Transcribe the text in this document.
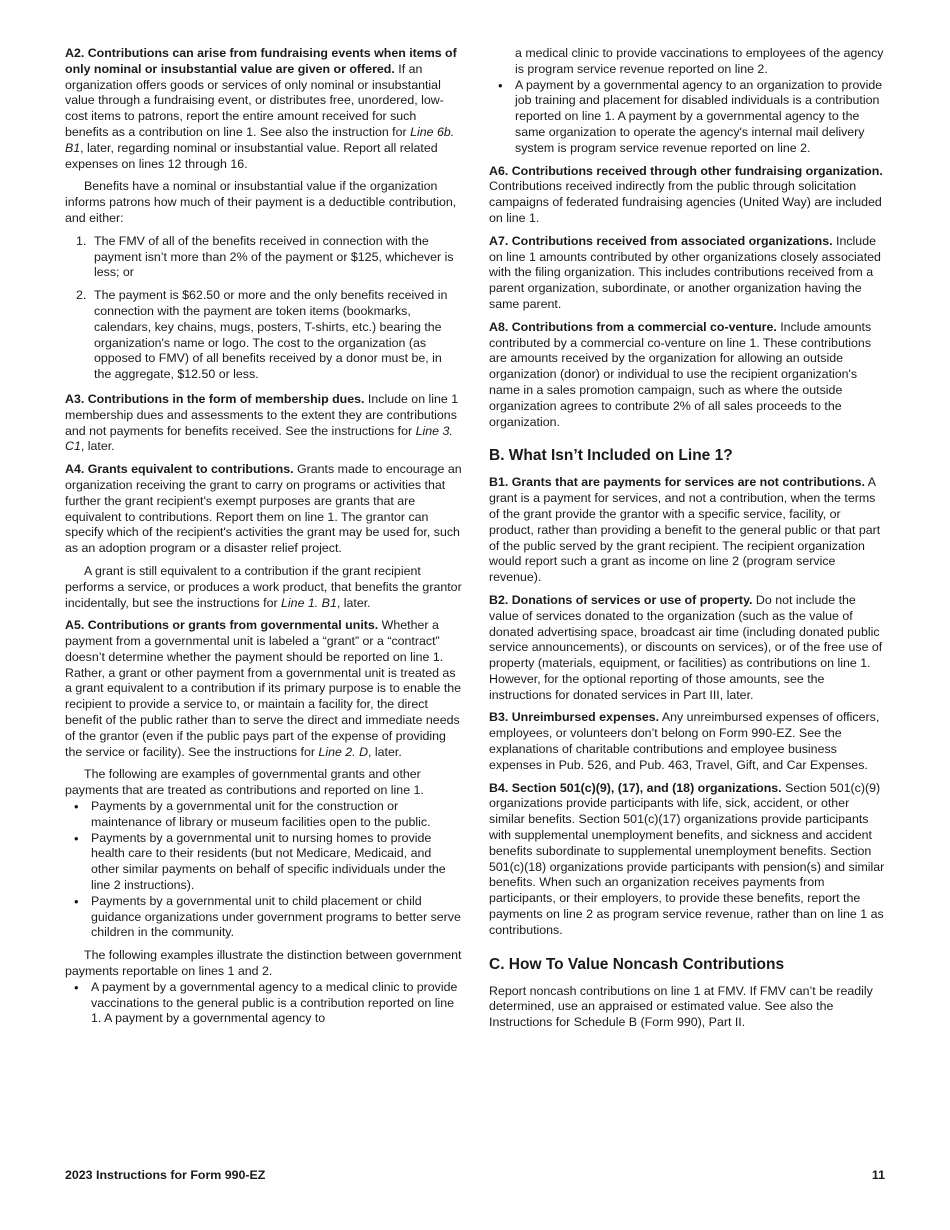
A2. Contributions can arise from fundraising events when items of only nominal or insubstantial value are given or offered. If an organization offers goods or services of only nominal or insubstantial value through a fundraising event, or distributes free, unordered, low-cost items to patrons, report the entire amount received for such benefits as a contribution on line 1. See also the instruction for Line 6b. B1, later, regarding nominal or insubstantial value. Report all related expenses on lines 12 through 16.

Benefits have a nominal or insubstantial value if the organization informs patrons how much of their payment is a deductible contribution, and either:

1. The FMV of all of the benefits received in connection with the payment isn’t more than 2% of the payment or $125, whichever is less; or
2. The payment is $62.50 or more and the only benefits received in connection with the payment are token items (bookmarks, calendars, key chains, mugs, posters, T-shirts, etc.) bearing the organization's name or logo. The cost to the organization (as opposed to FMV) of all benefits received by a donor must be, in the aggregate, $12.50 or less.

A3. Contributions in the form of membership dues. Include on line 1 membership dues and assessments to the extent they are contributions and not payments for benefits received. See the instructions for Line 3. C1, later.

A4. Grants equivalent to contributions. Grants made to encourage an organization receiving the grant to carry on programs or activities that further the grant recipient's exempt purposes are grants that are equivalent to contributions. Report them on line 1. The grantor can specify which of the recipient's activities the grant may be used for, such as an adoption program or a disaster relief project.

A grant is still equivalent to a contribution if the grant recipient performs a service, or produces a work product, that benefits the grantor incidentally, but see the instructions for Line 1. B1, later.

A5. Contributions or grants from governmental units. Whether a payment from a governmental unit is labeled a “grant” or a “contract” doesn’t determine whether the payment should be reported on line 1. Rather, a grant or other payment from a governmental unit is treated as a grant equivalent to a contribution if its primary purpose is to enable the recipient to provide a service to, or maintain a facility for, the direct benefit of the public rather than to serve the direct and immediate needs of the grantor (even if the public pays part of the expense of providing the service or facility). See the instructions for Line 2. D, later.

The following are examples of governmental grants and other payments that are treated as contributions and reported on line 1.

• Payments by a governmental unit for the construction or maintenance of library or museum facilities open to the public.
• Payments by a governmental unit to nursing homes to provide health care to their residents (but not Medicare, Medicaid, and other similar payments on behalf of specific individuals under the line 2 instructions).
• Payments by a governmental unit to child placement or child guidance organizations under government programs to better serve children in the community.

The following examples illustrate the distinction between government payments reportable on lines 1 and 2.

• A payment by a governmental agency to a medical clinic to provide vaccinations to the general public is a contribution reported on line 1. A payment by a governmental agency to

a medical clinic to provide vaccinations to employees of the agency is program service revenue reported on line 2.

• A payment by a governmental agency to an organization to provide job training and placement for disabled individuals is a contribution reported on line 1. A payment by a governmental agency to the same organization to operate the agency's internal mail delivery system is program service revenue reported on line 2.

A6. Contributions received through other fundraising organization. Contributions received indirectly from the public through solicitation campaigns of federated fundraising agencies (United Way) are included on line 1.

A7. Contributions received from associated organizations. Include on line 1 amounts contributed by other organizations closely associated with the filing organization. This includes contributions received from a parent organization, subordinate, or another organization having the same parent.

A8. Contributions from a commercial co-venture. Include amounts contributed by a commercial co-venture on line 1. These contributions are amounts received by the organization for allowing an outside organization (donor) or individual to use the recipient organization's name in a sales promotion campaign, such as where the outside organization agrees to contribute 2% of all sales proceeds to the organization.

B. What Isn’t Included on Line 1?

B1. Grants that are payments for services are not contributions. A grant is a payment for services, and not a contribution, when the terms of the grant provide the grantor with a specific service, facility, or product, rather than providing a benefit to the general public or that part of the public served by the grant recipient. The recipient organization would report such a grant as income on line 2 (program service revenue).

B2. Donations of services or use of property. Do not include the value of services donated to the organization (such as the value of donated advertising space, broadcast air time (including donated public service announcements), or discounts on services), or of the free use of property (materials, equipment, or facilities) as contributions on line 1. However, for the optional reporting of those amounts, see the instructions for donated services in Part III, later.

B3. Unreimbursed expenses. Any unreimbursed expenses of officers, employees, or volunteers don’t belong on Form 990-EZ. See the explanations of charitable contributions and employee business expenses in Pub. 526, and Pub. 463, Travel, Gift, and Car Expenses.

B4. Section 501(c)(9), (17), and (18) organizations. Section 501(c)(9) organizations provide participants with life, sick, accident, or other similar benefits. Section 501(c)(17) organizations provide participants with supplemental unemployment benefits, and sickness and accident benefits subordinate to supplemental unemployment benefits. Section 501(c)(18) organizations provide participants with pension(s) and similar benefits. When such an organization receives payments from participants, or their employers, to provide these benefits, report the payments on line 2 as program service revenue, rather than on line 1 as contributions.

C. How To Value Noncash Contributions

Report noncash contributions on line 1 at FMV. If FMV can’t be readily determined, use an appraised or estimated value. See also the Instructions for Schedule B (Form 990), Part II.

2023 Instructions for Form 990-EZ	11
